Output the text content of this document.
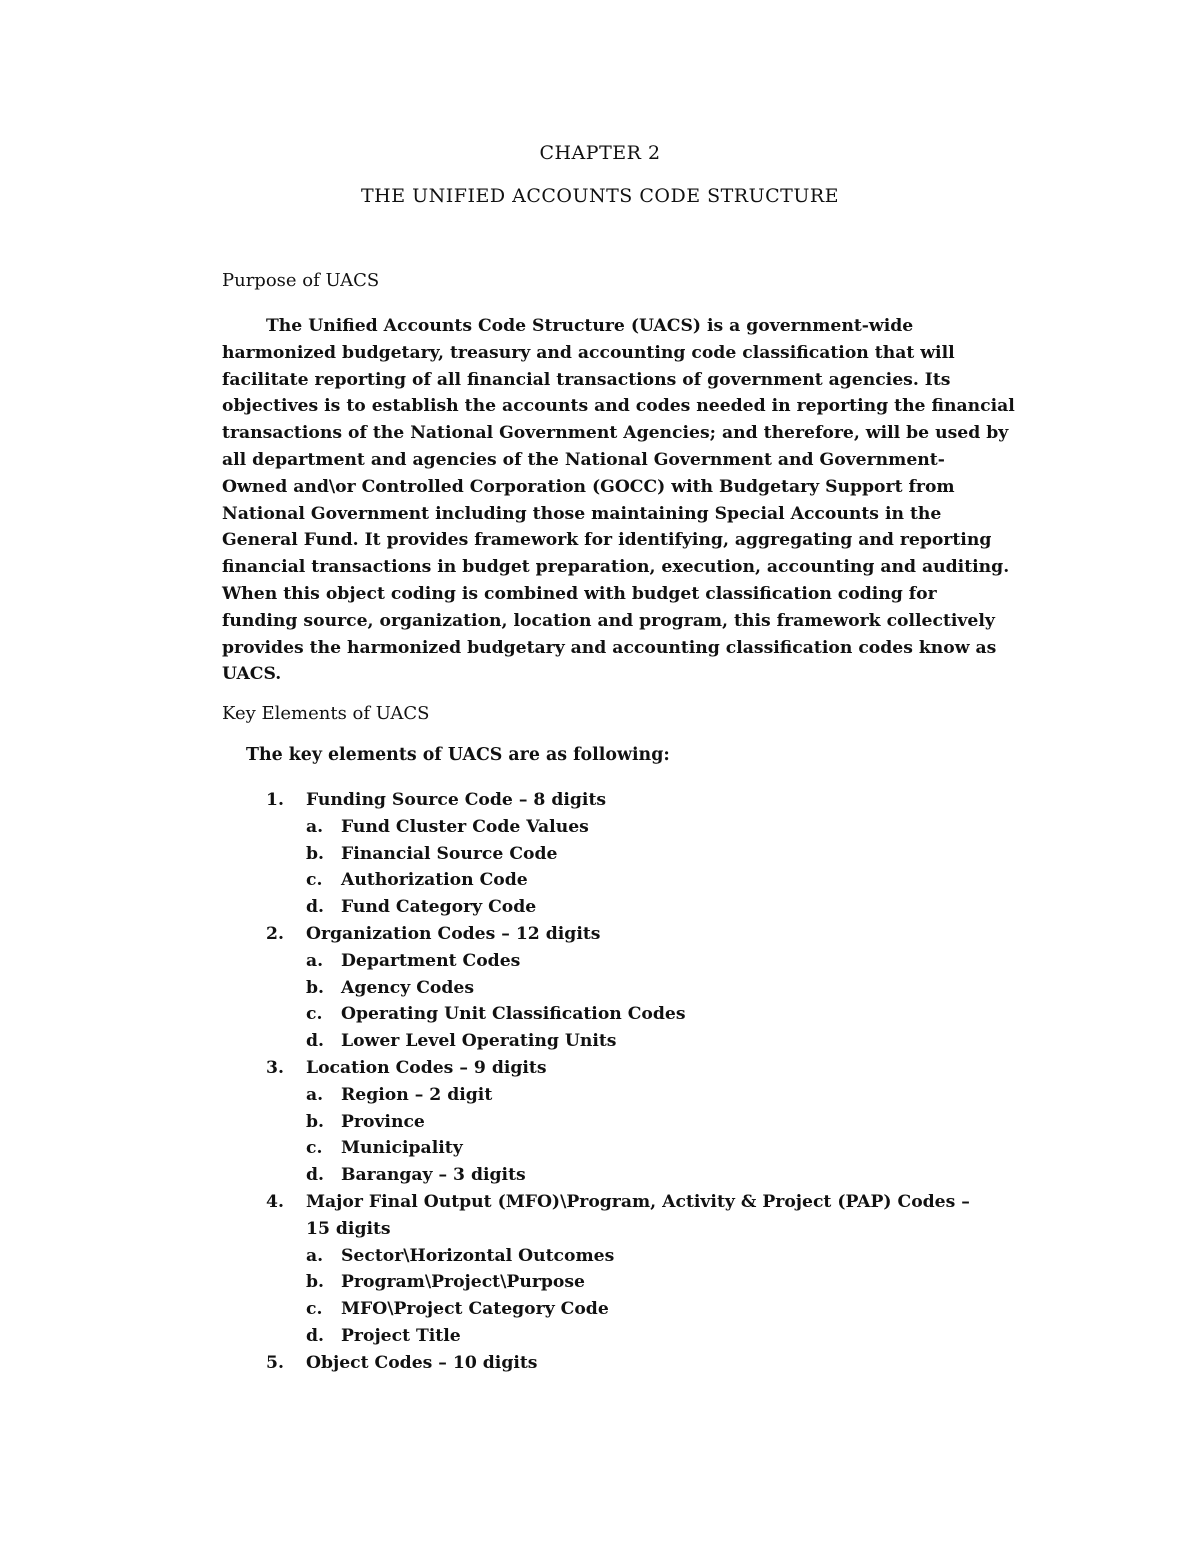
CHAPTER 2
THE UNIFIED ACCOUNTS CODE STRUCTURE
Purpose of UACS
The Unified Accounts Code Structure (UACS) is a government-wide
harmonized budgetary, treasury and accounting code classification that will
facilitate reporting of all financial transactions of government agencies. Its
objectives is to establish the accounts and codes needed in reporting the financial
transactions of the National Government Agencies; and therefore, will be used by
all department and agencies of the National Government and Government-
Owned and\or Controlled Corporation (GOCC) with Budgetary Support from
National Government including those maintaining Special Accounts in the
General Fund. It provides framework for identifying, aggregating and reporting
financial transactions in budget preparation, execution, accounting and auditing.
When this object coding is combined with budget classification coding for
funding source, organization, location and program, this framework collectively
provides the harmonized budgetary and accounting classification codes know as
UACS.
Key Elements of UACS
The key elements of UACS are as following:
1.	Funding Source Code – 8 digits
a.	Fund Cluster Code Values
b. Financial Source Code
c.	Authorization Code
d. Fund Category Code
2.	Organization Codes – 12 digits
a.	Department Codes
b. Agency Codes
c.	Operating Unit Classification Codes
d. Lower Level Operating Units
3.	Location Codes – 9 digits
a.	Region – 2 digit
b. Province
c.	Municipality
d. Barangay – 3 digits
4.	Major Final Output (MFO)\Program, Activity & Project (PAP) Codes –
15 digits
a.	Sector\Horizontal Outcomes
b. Program\Project\Purpose
c.	MFO\Project Category Code
d. Project Title
5.	Object Codes – 10 digits
